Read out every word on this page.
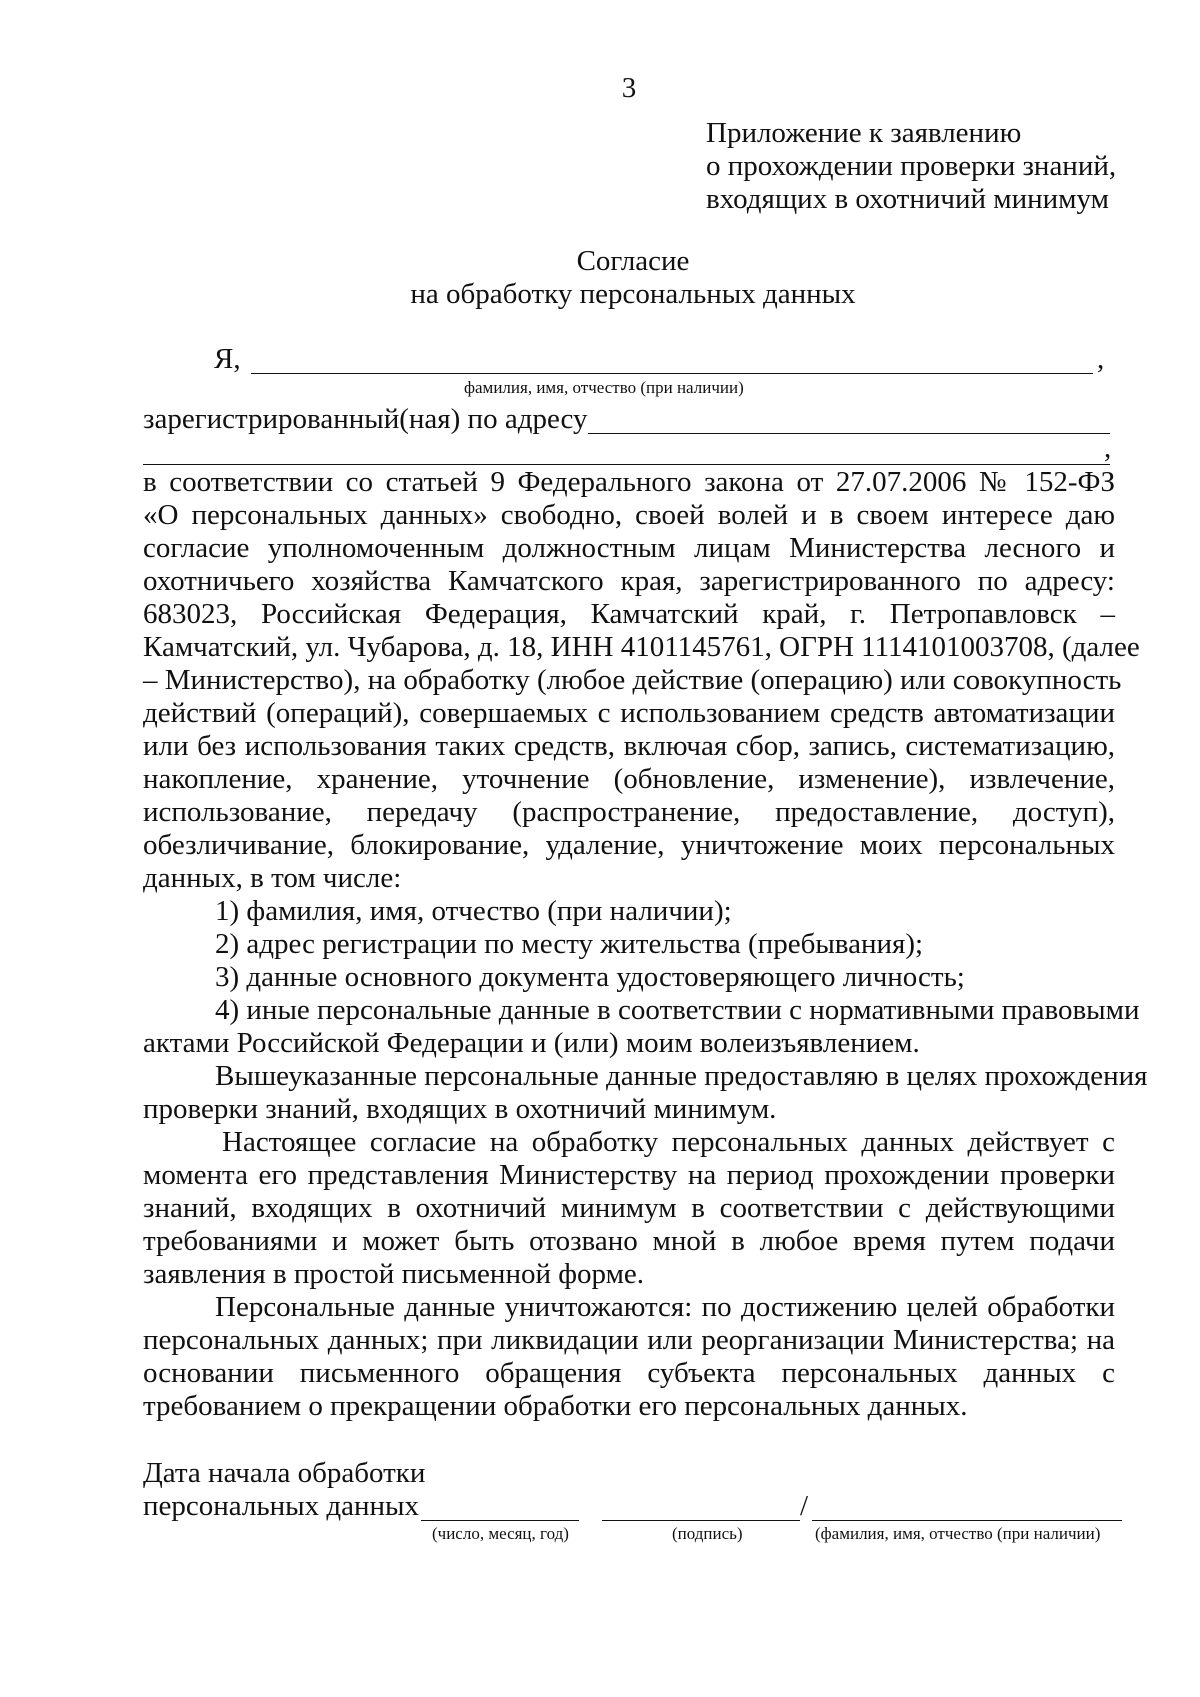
3
Приложение к заявлению
о прохождении проверки знаний,
входящих в охотничий минимум
Согласие
на обработку персональных данных
Я,	,
фамилия, имя, отчество (при наличии)
зарегистрированный(ная) по адресу
,
в соответствии со статьей 9 Федерального закона от 27.07.2006 № 152-ФЗ
«О персональных данных» свободно, своей волей и в своем интересе даю
согласие уполномоченным должностным лицам Министерства лесного и
охотничьего хозяйства Камчатского края, зарегистрированного по адресу:
683023, Российская Федерация, Камчатский край, г. Петропавловск –
Камчатский, ул. Чубарова, д. 18, ИНН 4101145761, ОГРН 1114101003708, (далее
– Министерство), на обработку (любое действие (операцию) или совокупность
действий (операций), совершаемых с использованием средств автоматизации
или без использования таких средств, включая сбор, запись, систематизацию,
накопление, хранение, уточнение (обновление, изменение), извлечение,
использование, передачу (распространение, предоставление, доступ),
обезличивание, блокирование, удаление, уничтожение моих персональных
данных, в том числе:
1) фамилия, имя, отчество (при наличии);
2) адрес регистрации по месту жительства (пребывания);
3) данные основного документа удостоверяющего личность;
4) иные персональные данные в соответствии с нормативными правовыми
актами Российской Федерации и (или) моим волеизъявлением.
Вышеуказанные персональные данные предоставляю в целях прохождения
проверки знаний, входящих в охотничий минимум.
Настоящее согласие на обработку персональных данных действует с
момента его представления Министерству на период прохождении проверки
знаний, входящих в охотничий минимум в соответствии с действующими
требованиями и может быть отозвано мной в любое время путем подачи
заявления в простой письменной форме.
Персональные данные уничтожаются: по достижению целей обработки
персональных данных; при ликвидации или реорганизации Министерства; на
основании письменного обращения субъекта персональных данных с
требованием о прекращении обработки его персональных данных.
Дата начала обработки
персональных данных	/
(число, месяц, год)	(подпись)	(фамилия, имя, отчество (при наличии)
